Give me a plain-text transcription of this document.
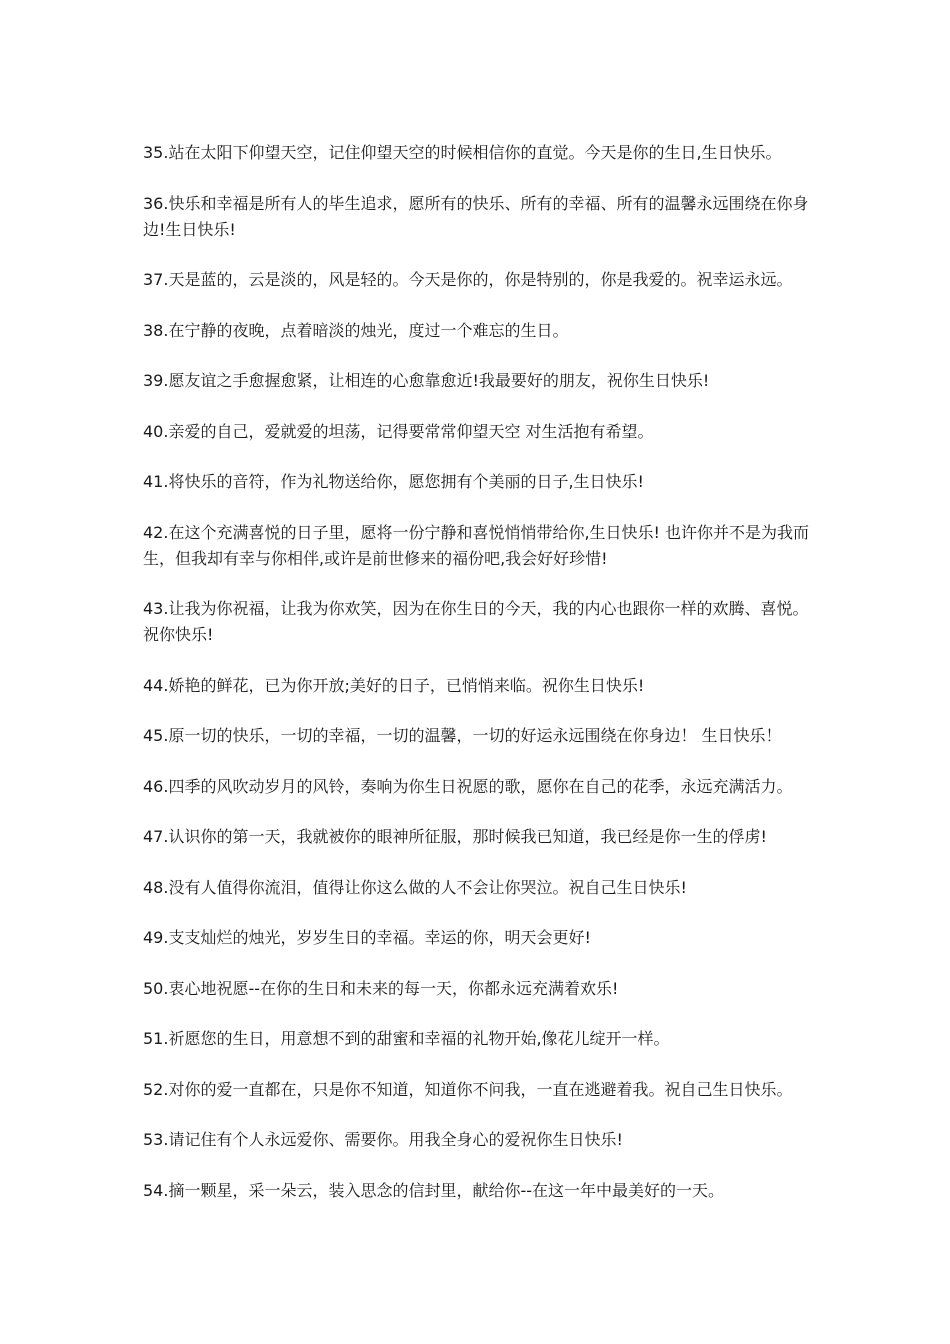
35.站在太阳下仰望天空，记住仰望天空的时候相信你的直觉。今天是你的生日,生日快乐。

36.快乐和幸福是所有人的毕生追求，愿所有的快乐、所有的幸福、所有的温馨永远围绕在你身边!生日快乐!

37.天是蓝的，云是淡的，风是轻的。今天是你的，你是特别的，你是我爱的。祝幸运永远。

38.在宁静的夜晚，点着暗淡的烛光，度过一个难忘的生日。

39.愿友谊之手愈握愈紧，让相连的心愈靠愈近!我最要好的朋友，祝你生日快乐!

40.亲爱的自己，爱就爱的坦荡，记得要常常仰望天空 对生活抱有希望。

41.将快乐的音符，作为礼物送给你，愿您拥有个美丽的日子,生日快乐!

42.在这个充满喜悦的日子里，愿将一份宁静和喜悦悄悄带给你,生日快乐! 也许你并不是为我而生，但我却有幸与你相伴,或许是前世修来的福份吧,我会好好珍惜!

43.让我为你祝福，让我为你欢笑，因为在你生日的今天，我的内心也跟你一样的欢腾、喜悦。祝你快乐!

44.娇艳的鲜花，已为你开放;美好的日子，已悄悄来临。祝你生日快乐!

45.原一切的快乐，一切的幸福，一切的温馨，一切的好运永远围绕在你身边！ 生日快乐！

46.四季的风吹动岁月的风铃，奏响为你生日祝愿的歌，愿你在自己的花季，永远充满活力。

47.认识你的第一天，我就被你的眼神所征服，那时候我已知道，我已经是你一生的俘虏!

48.没有人值得你流泪，值得让你这么做的人不会让你哭泣。祝自己生日快乐!

49.支支灿烂的烛光，岁岁生日的幸福。幸运的你，明天会更好!

50.衷心地祝愿--在你的生日和未来的每一天，你都永远充满着欢乐!

51.祈愿您的生日，用意想不到的甜蜜和幸福的礼物开始,像花儿绽开一样。

52.对你的爱一直都在，只是你不知道，知道你不问我，一直在逃避着我。祝自己生日快乐。

53.请记住有个人永远爱你、需要你。用我全身心的爱祝你生日快乐!

54.摘一颗星，采一朵云，装入思念的信封里，献给你--在这一年中最美好的一天。
